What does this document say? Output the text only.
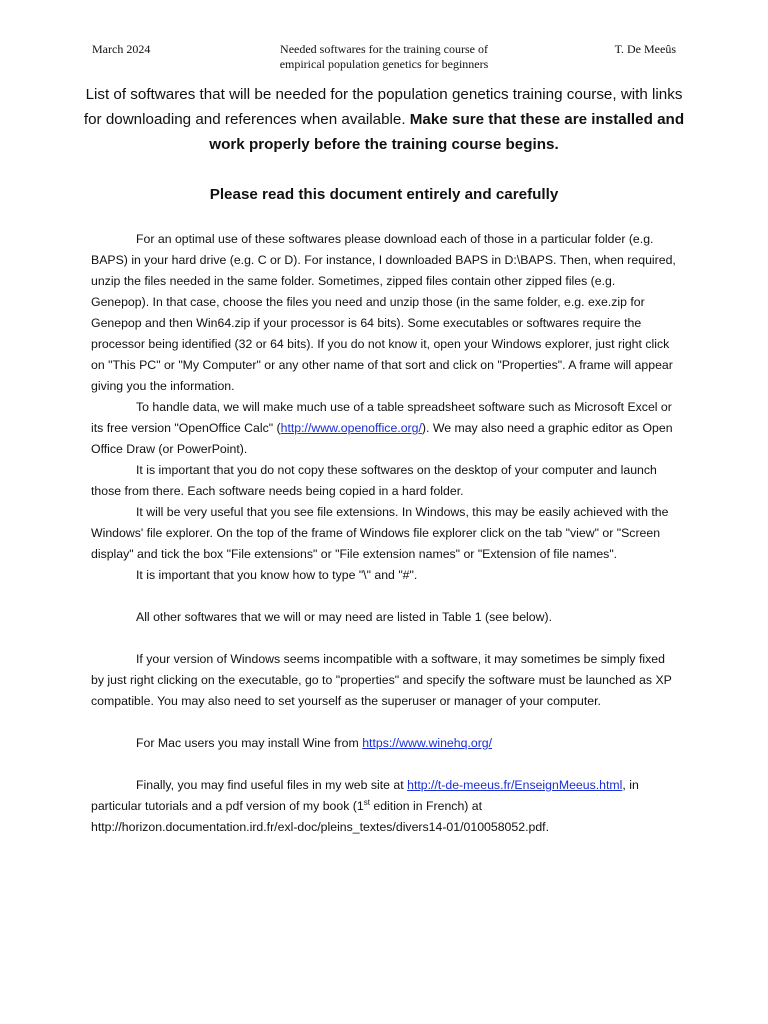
March 2024	Needed softwares for the training course of
empirical population genetics for beginners
T. De Meeûs
List of softwares that will be needed for the population genetics training course, with links for downloading and references when available. Make sure that these are installed and work properly before the training course begins.
Please read this document entirely and carefully

For an optimal use of these softwares please download each of those in a particular folder (e.g. BAPS) in your hard drive (e.g. C or D). For instance, I downloaded BAPS in D:\BAPS. Then, when required, unzip the files needed in the same folder. Sometimes, zipped files contain other zipped files (e.g. Genepop). In that case, choose the files you need and unzip those (in the same folder, e.g. exe.zip for Genepop and then Win64.zip if your processor is 64 bits). Some executables or softwares require the processor being identified (32 or 64 bits). If you do not know it, open your Windows explorer, just right click on "This PC" or "My Computer" or any other name of that sort and click on "Properties". A frame will appear giving you the information.

To handle data, we will make much use of a table spreadsheet software such as Microsoft Excel or its free version "OpenOffice Calc" (http://www.openoffice.org/). We may also need a graphic editor as Open Office Draw (or PowerPoint).

It is important that you do not copy these softwares on the desktop of your computer and launch those from there. Each software needs being copied in a hard folder.

It will be very useful that you see file extensions. In Windows, this may be easily achieved with the Windows' file explorer. On the top of the frame of Windows file explorer click on the tab "view" or "Screen display" and tick the box "File extensions" or "File extension names" or "Extension of file names".

It is important that you know how to type "\" and "#".

All other softwares that we will or may need are listed in Table 1 (see below).

If your version of Windows seems incompatible with a software, it may sometimes be simply fixed by just right clicking on the executable, go to "properties" and specify the software must be launched as XP compatible. You may also need to set yourself as the superuser or manager of your computer.

For Mac users you may install Wine from https://www.winehq.org/

Finally, you may find useful files in my web site at http://t-de-meeus.fr/EnseignMeeus.html, in particular tutorials and a pdf version of my book (1st edition in French) at http://horizon.documentation.ird.fr/exl-doc/pleins_textes/divers14-01/010058052.pdf.
